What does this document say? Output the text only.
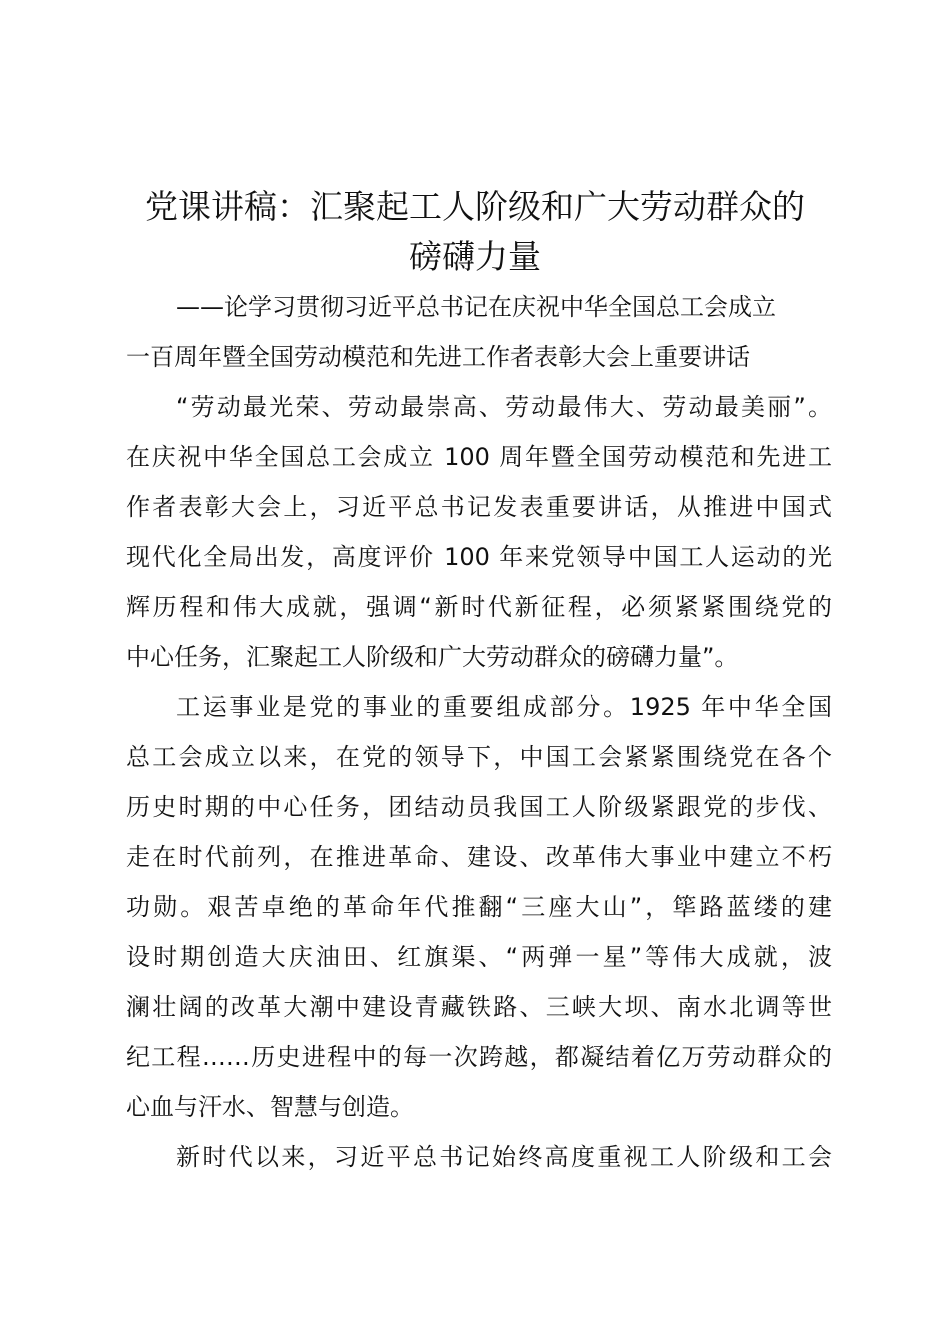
党课讲稿：汇聚起工人阶级和广大劳动群众的
磅礴力量
——论学习贯彻习近平总书记在庆祝中华全国总工会成立
一百周年暨全国劳动模范和先进工作者表彰大会上重要讲话
“劳动最光荣、劳动最崇高、劳动最伟大、劳动最美丽”。
在庆祝中华全国总工会成立 100 周年暨全国劳动模范和先进工
作者表彰大会上，习近平总书记发表重要讲话，从推进中国式
现代化全局出发，高度评价 100 年来党领导中国工人运动的光
辉历程和伟大成就，强调“新时代新征程，必须紧紧围绕党的
中心任务，汇聚起工人阶级和广大劳动群众的磅礴力量”。
工运事业是党的事业的重要组成部分。1925 年中华全国
总工会成立以来，在党的领导下，中国工会紧紧围绕党在各个
历史时期的中心任务，团结动员我国工人阶级紧跟党的步伐、
走在时代前列，在推进革命、建设、改革伟大事业中建立不朽
功勋。艰苦卓绝的革命年代推翻“三座大山”，筚路蓝缕的建
设时期创造大庆油田、红旗渠、“两弹一星”等伟大成就，波
澜壮阔的改革大潮中建设青藏铁路、三峡大坝、南水北调等世
纪工程……历史进程中的每一次跨越，都凝结着亿万劳动群众的
心血与汗水、智慧与创造。
新时代以来，习近平总书记始终高度重视工人阶级和工会
